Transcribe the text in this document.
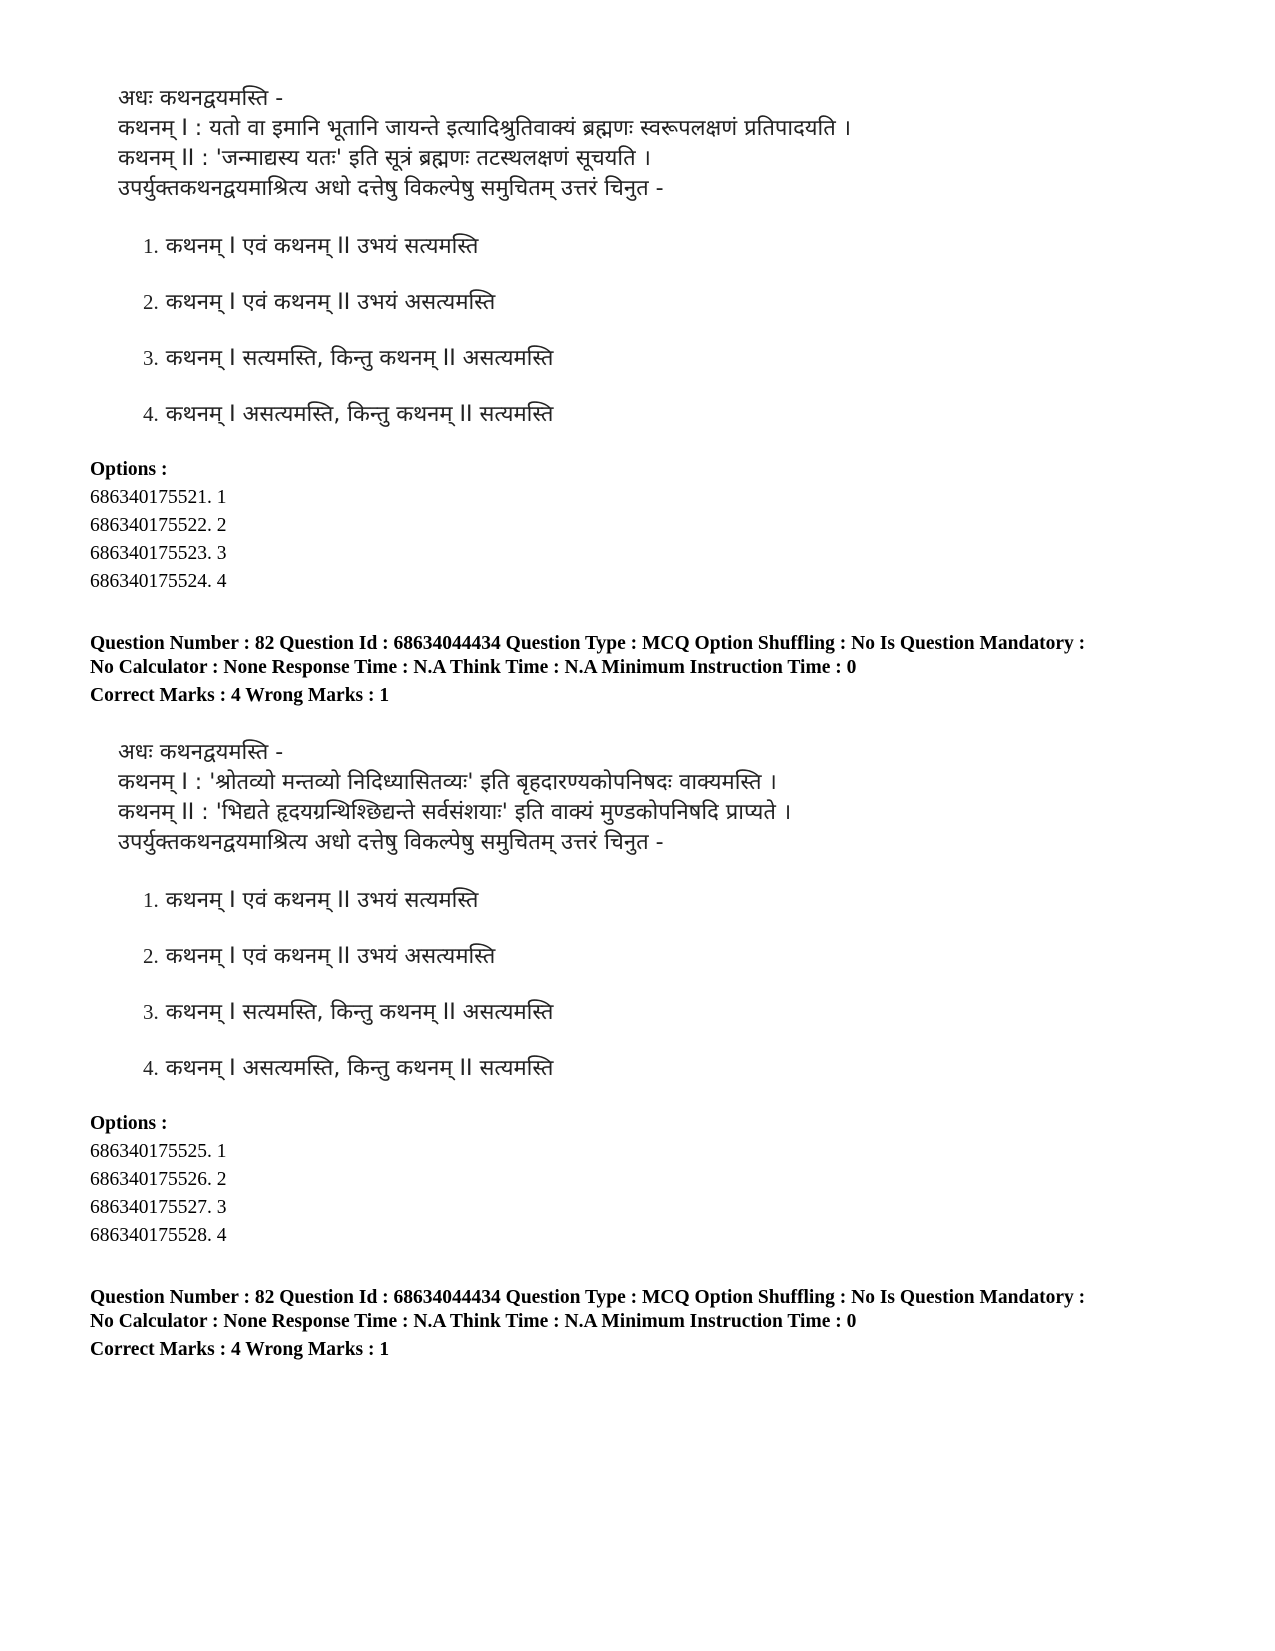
अधः कथनद्वयमस्ति -
कथनम् I : यतो वा इमानि भूतानि जायन्ते इत्यादिश्रुतिवाक्यं ब्रह्मणः स्वरूपलक्षणं प्रतिपादयति ।
कथनम् II : 'जन्माद्यस्य यतः' इति सूत्रं ब्रह्मणः तटस्थलक्षणं सूचयति ।
उपर्युक्तकथनद्वयमाश्रित्य अधो दत्तेषु विकल्पेषु समुचितम् उत्तरं चिनुत -
1. कथनम् I एवं कथनम् II उभयं सत्यमस्ति
2. कथनम् I एवं कथनम् II उभयं असत्यमस्ति
3. कथनम् I सत्यमस्ति, किन्तु कथनम् II असत्यमस्ति
4. कथनम् I असत्यमस्ति, किन्तु कथनम् II सत्यमस्ति
Options :
686340175521. 1
686340175522. 2
686340175523. 3
686340175524. 4
Question Number : 82 Question Id : 68634044434 Question Type : MCQ Option Shuffling : No Is Question Mandatory :
No Calculator : None Response Time : N.A Think Time : N.A Minimum Instruction Time : 0
Correct Marks : 4 Wrong Marks : 1
अधः कथनद्वयमस्ति -
कथनम् I : 'श्रोतव्यो मन्तव्यो निदिध्यासितव्यः' इति बृहदारण्यकोपनिषदः वाक्यमस्ति ।
कथनम् II : 'भिद्यते हृदयग्रन्थिश्छिद्यन्ते सर्वसंशयाः' इति वाक्यं मुण्डकोपनिषदि प्राप्यते ।
उपर्युक्तकथनद्वयमाश्रित्य अधो दत्तेषु विकल्पेषु समुचितम् उत्तरं चिनुत -
1. कथनम् I एवं कथनम् II उभयं सत्यमस्ति
2. कथनम् I एवं कथनम् II उभयं असत्यमस्ति
3. कथनम् I सत्यमस्ति, किन्तु कथनम् II असत्यमस्ति
4. कथनम् I असत्यमस्ति, किन्तु कथनम् II सत्यमस्ति
Options :
686340175525. 1
686340175526. 2
686340175527. 3
686340175528. 4
Question Number : 82 Question Id : 68634044434 Question Type : MCQ Option Shuffling : No Is Question Mandatory :
No Calculator : None Response Time : N.A Think Time : N.A Minimum Instruction Time : 0
Correct Marks : 4 Wrong Marks : 1
